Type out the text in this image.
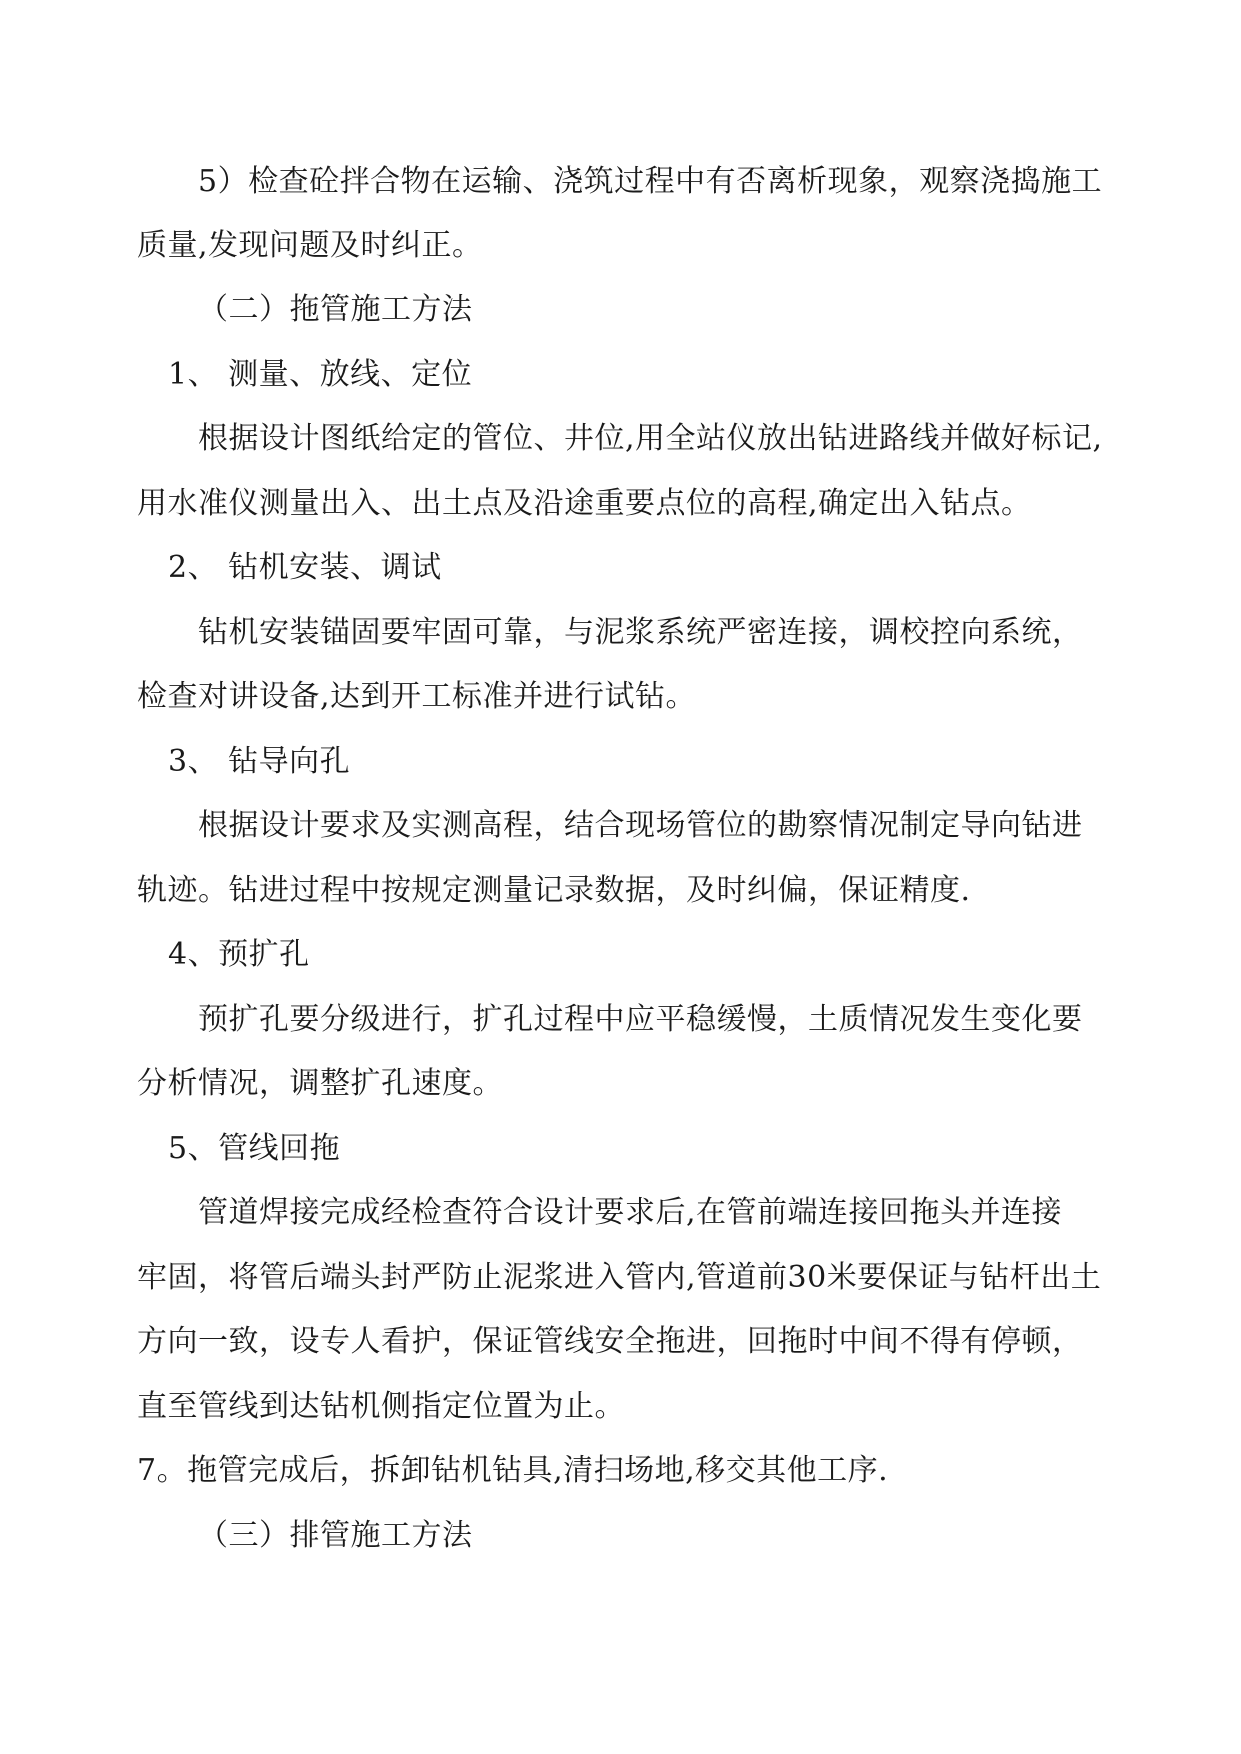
5）检查砼拌合物在运输、浇筑过程中有否离析现象，观察浇捣施工
质量,发现问题及时纠正。
（二）拖管施工方法
1、 测量、放线、定位
根据设计图纸给定的管位、井位,用全站仪放出钻进路线并做好标记,
用水准仪测量出入、出土点及沿途重要点位的高程,确定出入钻点。
2、 钻机安装、调试
钻机安装锚固要牢固可靠，与泥浆系统严密连接，调校控向系统，
检查对讲设备,达到开工标准并进行试钻。
3、 钻导向孔
根据设计要求及实测高程，结合现场管位的勘察情况制定导向钻进
轨迹。钻进过程中按规定测量记录数据，及时纠偏，保证精度.
4、预扩孔
预扩孔要分级进行，扩孔过程中应平稳缓慢，土质情况发生变化要
分析情况，调整扩孔速度。
5、管线回拖
管道焊接完成经检查符合设计要求后,在管前端连接回拖头并连接
牢固，将管后端头封严防止泥浆进入管内,管道前30米要保证与钻杆出土
方向一致，设专人看护，保证管线安全拖进，回拖时中间不得有停顿，
直至管线到达钻机侧指定位置为止。
7。拖管完成后，拆卸钻机钻具,清扫场地,移交其他工序.
（三）排管施工方法
